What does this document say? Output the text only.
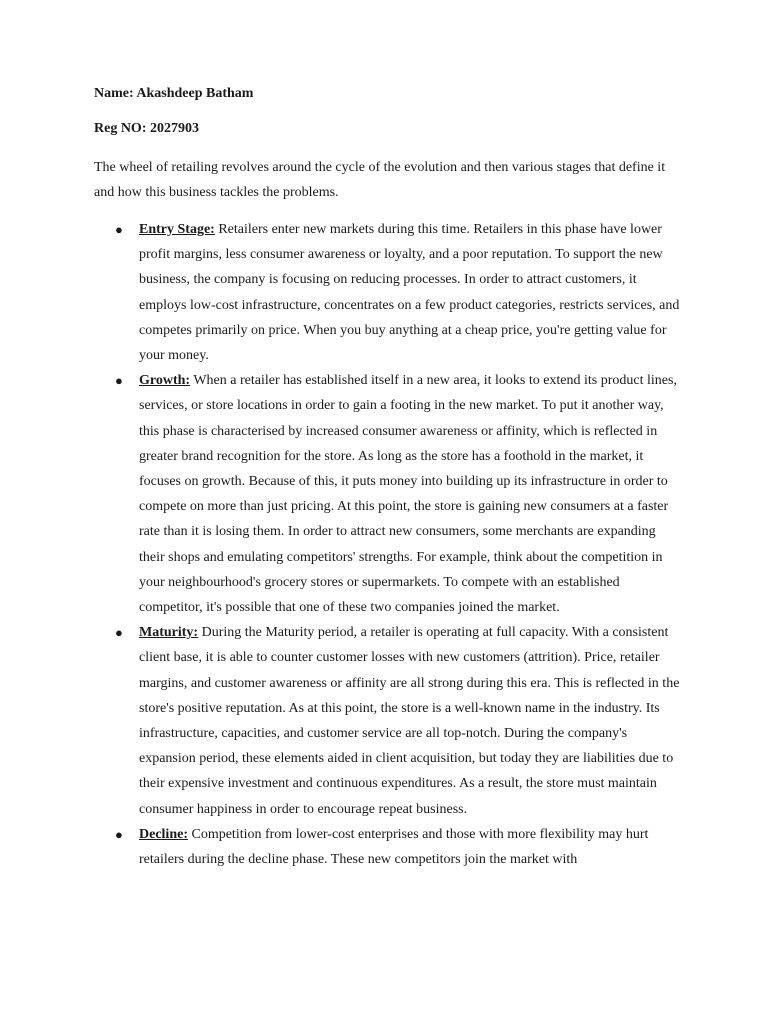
Name: Akashdeep Batham
Reg NO: 2027903
The wheel of retailing revolves around the cycle of the evolution and then various stages that define it and how this business tackles the problems.
● Entry Stage: Retailers enter new markets during this time. Retailers in this phase have lower profit margins, less consumer awareness or loyalty, and a poor reputation. To support the new business, the company is focusing on reducing processes. In order to attract customers, it employs low-cost infrastructure, concentrates on a few product categories, restricts services, and competes primarily on price. When you buy anything at a cheap price, you're getting value for your money.
● Growth: When a retailer has established itself in a new area, it looks to extend its product lines, services, or store locations in order to gain a footing in the new market. To put it another way, this phase is characterised by increased consumer awareness or affinity, which is reflected in greater brand recognition for the store. As long as the store has a foothold in the market, it focuses on growth. Because of this, it puts money into building up its infrastructure in order to compete on more than just pricing. At this point, the store is gaining new consumers at a faster rate than it is losing them. In order to attract new consumers, some merchants are expanding their shops and emulating competitors' strengths. For example, think about the competition in your neighbourhood's grocery stores or supermarkets. To compete with an established competitor, it's possible that one of these two companies joined the market.
● Maturity: During the Maturity period, a retailer is operating at full capacity. With a consistent client base, it is able to counter customer losses with new customers (attrition). Price, retailer margins, and customer awareness or affinity are all strong during this era. This is reflected in the store's positive reputation. As at this point, the store is a well-known name in the industry. Its infrastructure, capacities, and customer service are all top-notch. During the company's expansion period, these elements aided in client acquisition, but today they are liabilities due to their expensive investment and continuous expenditures. As a result, the store must maintain consumer happiness in order to encourage repeat business.
● Decline: Competition from lower-cost enterprises and those with more flexibility may hurt retailers during the decline phase. These new competitors join the market with
